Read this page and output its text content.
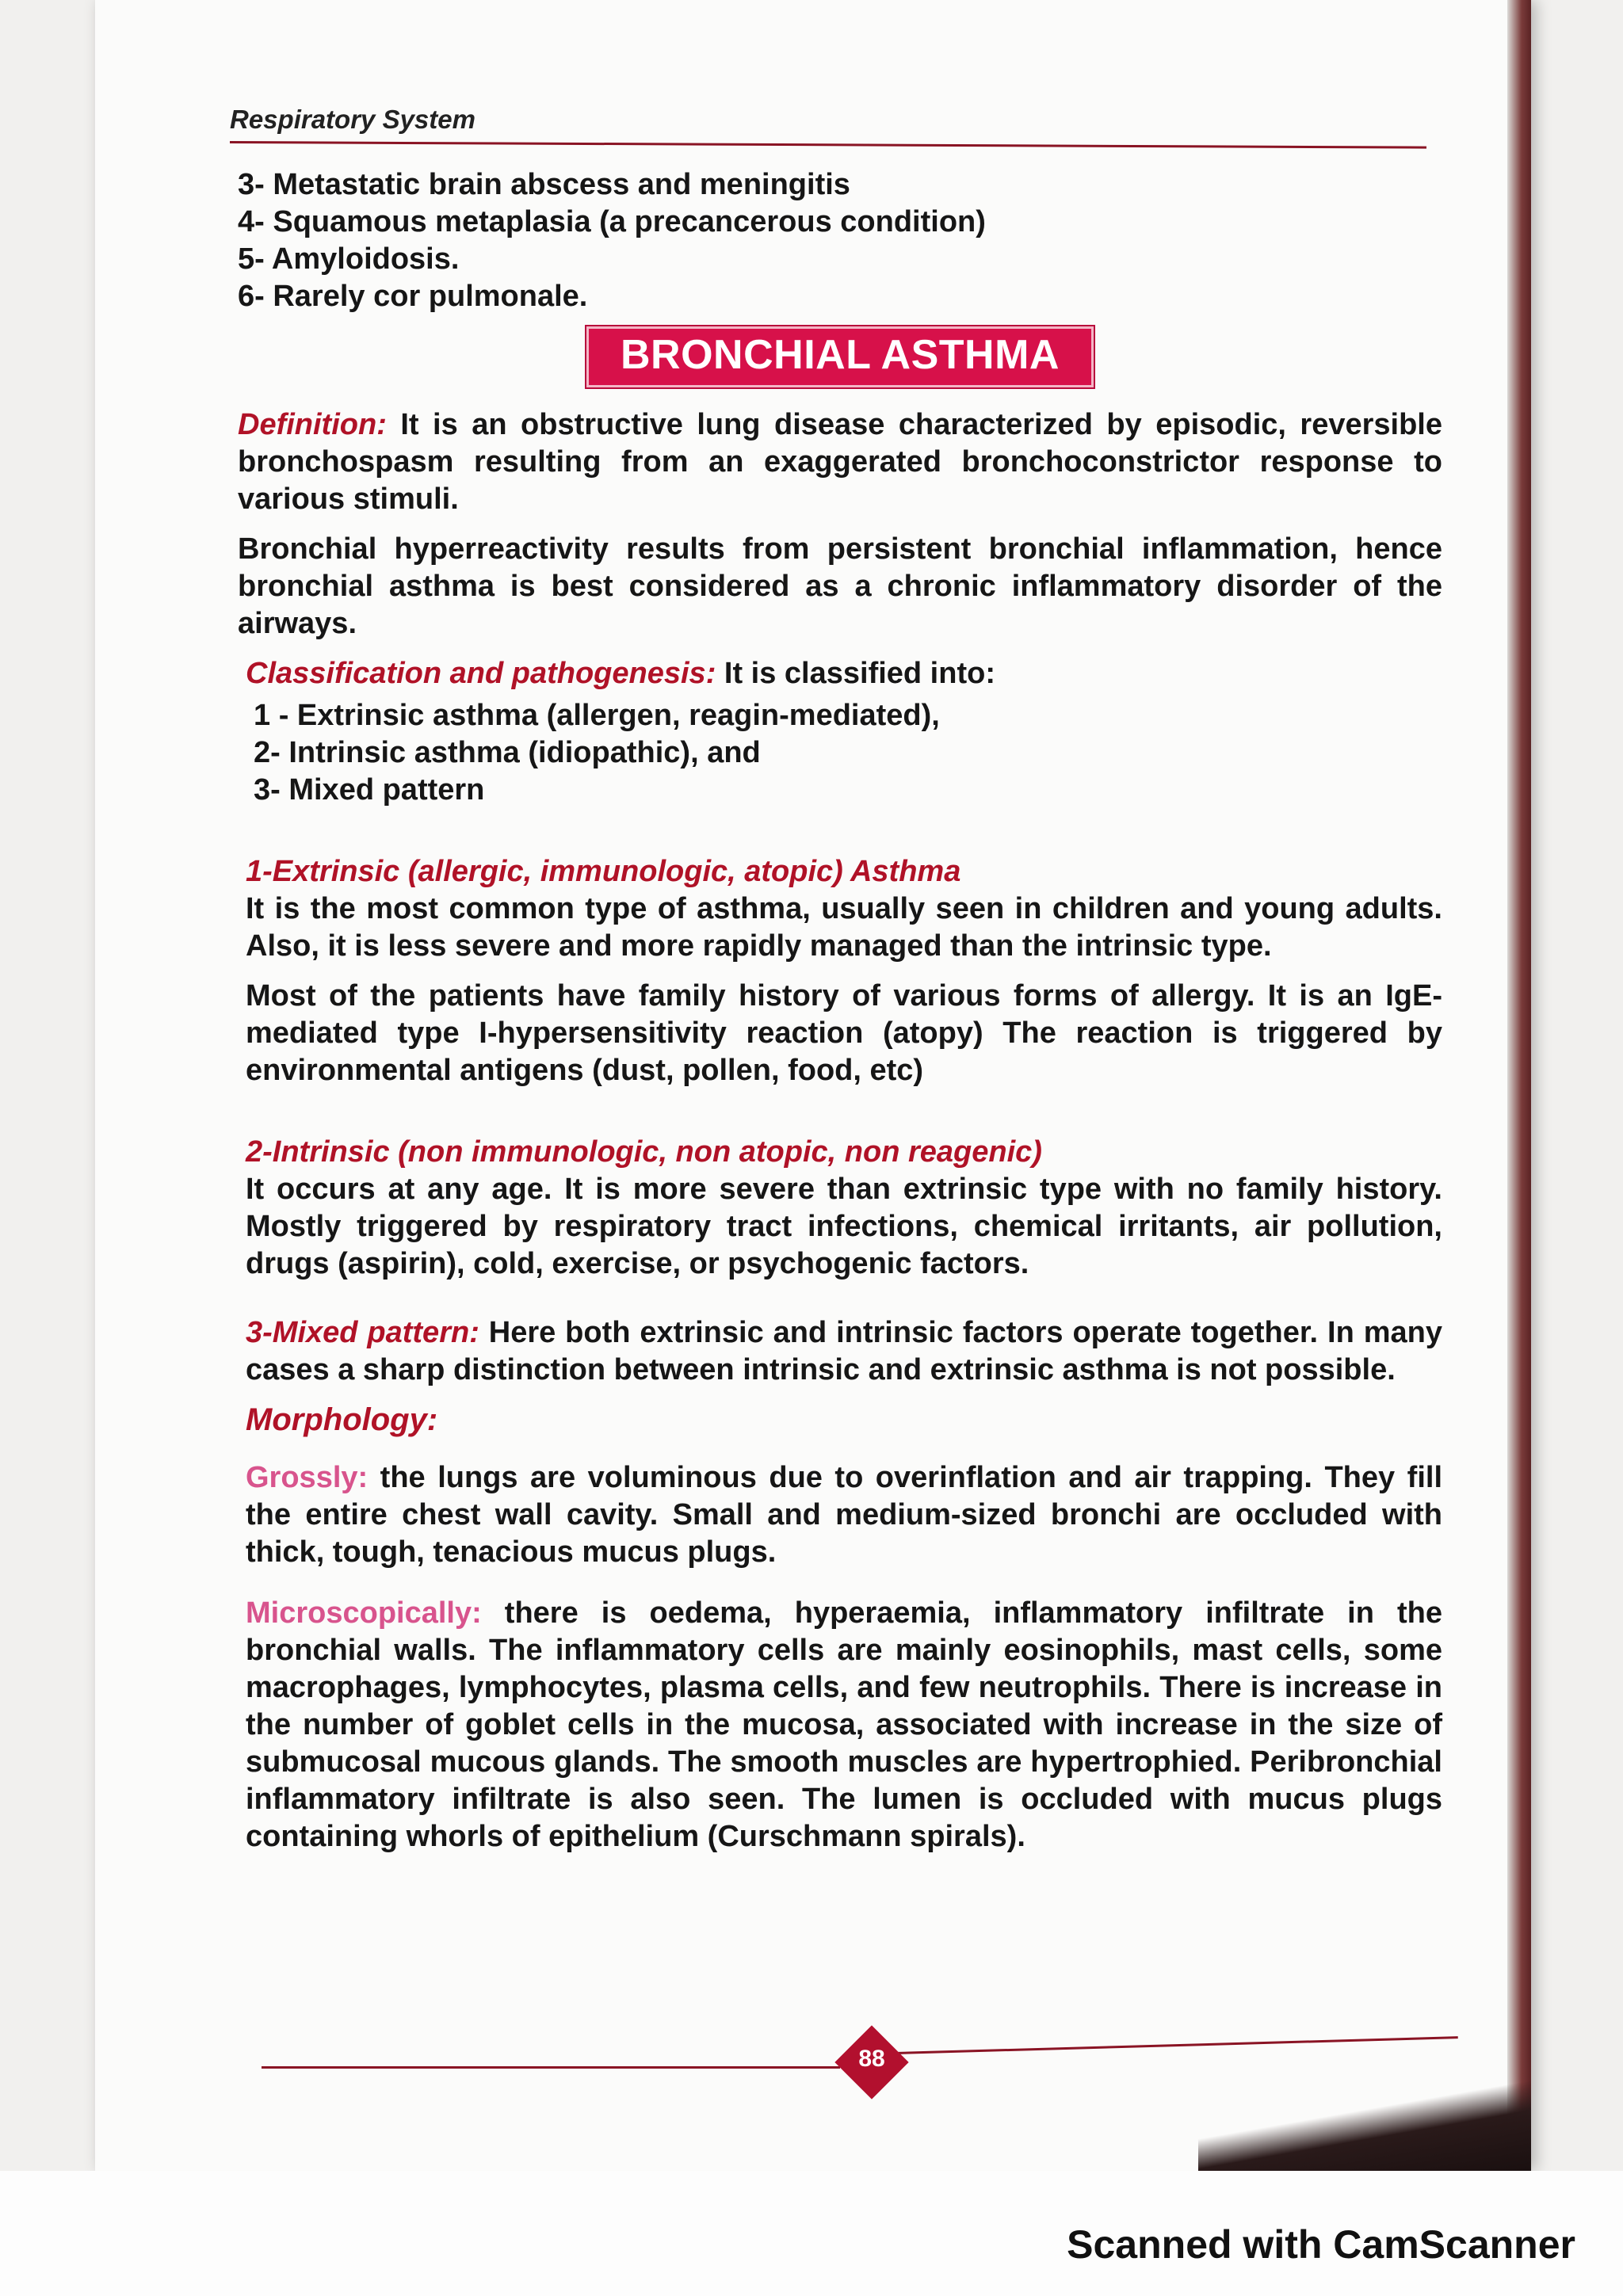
Respiratory System
3- Metastatic brain abscess and meningitis
4- Squamous metaplasia (a precancerous condition)
5- Amyloidosis.
6- Rarely cor pulmonale.
BRONCHIAL ASTHMA

Definition: It is an obstructive lung disease characterized by episodic, reversible bronchospasm resulting from an exaggerated bronchoconstrictor response to various stimuli.

Bronchial hyperreactivity results from persistent bronchial inflammation, hence bronchial asthma is best considered as a chronic inflammatory disorder of the airways.

Classification and pathogenesis: It is classified into:
1 - Extrinsic asthma (allergen, reagin-mediated),
2- Intrinsic asthma (idiopathic), and
3- Mixed pattern
1-Extrinsic (allergic, immunologic, atopic) Asthma

It is the most common type of asthma, usually seen in children and young adults. Also, it is less severe and more rapidly managed than the intrinsic type.

Most of the patients have family history of various forms of allergy. It is an IgE-mediated type I-hypersensitivity reaction (atopy) The reaction is triggered by environmental antigens (dust, pollen, food, etc)

2-Intrinsic (non immunologic, non atopic, non reagenic)

It occurs at any age. It is more severe than extrinsic type with no family history. Mostly triggered by respiratory tract infections, chemical irritants, air pollution, drugs (aspirin), cold, exercise, or psychogenic factors.

3-Mixed pattern: Here both extrinsic and intrinsic factors operate together. In many cases a sharp distinction between intrinsic and extrinsic asthma is not possible.

Morphology:

Grossly: the lungs are voluminous due to overinflation and air trapping. They fill the entire chest wall cavity. Small and medium-sized bronchi are occluded with thick, tough, tenacious mucus plugs.

Microscopically: there is oedema, hyperaemia, inflammatory infiltrate in the bronchial walls. The inflammatory cells are mainly eosinophils, mast cells, some macrophages, lymphocytes, plasma cells, and few neutrophils. There is increase in the number of goblet cells in the mucosa, associated with increase in the size of submucosal mucous glands. The smooth muscles are hypertrophied. Peribronchial inflammatory infiltrate is also seen. The lumen is occluded with mucus plugs containing whorls of epithelium (Curschmann spirals).

88
Scanned with CamScanner
